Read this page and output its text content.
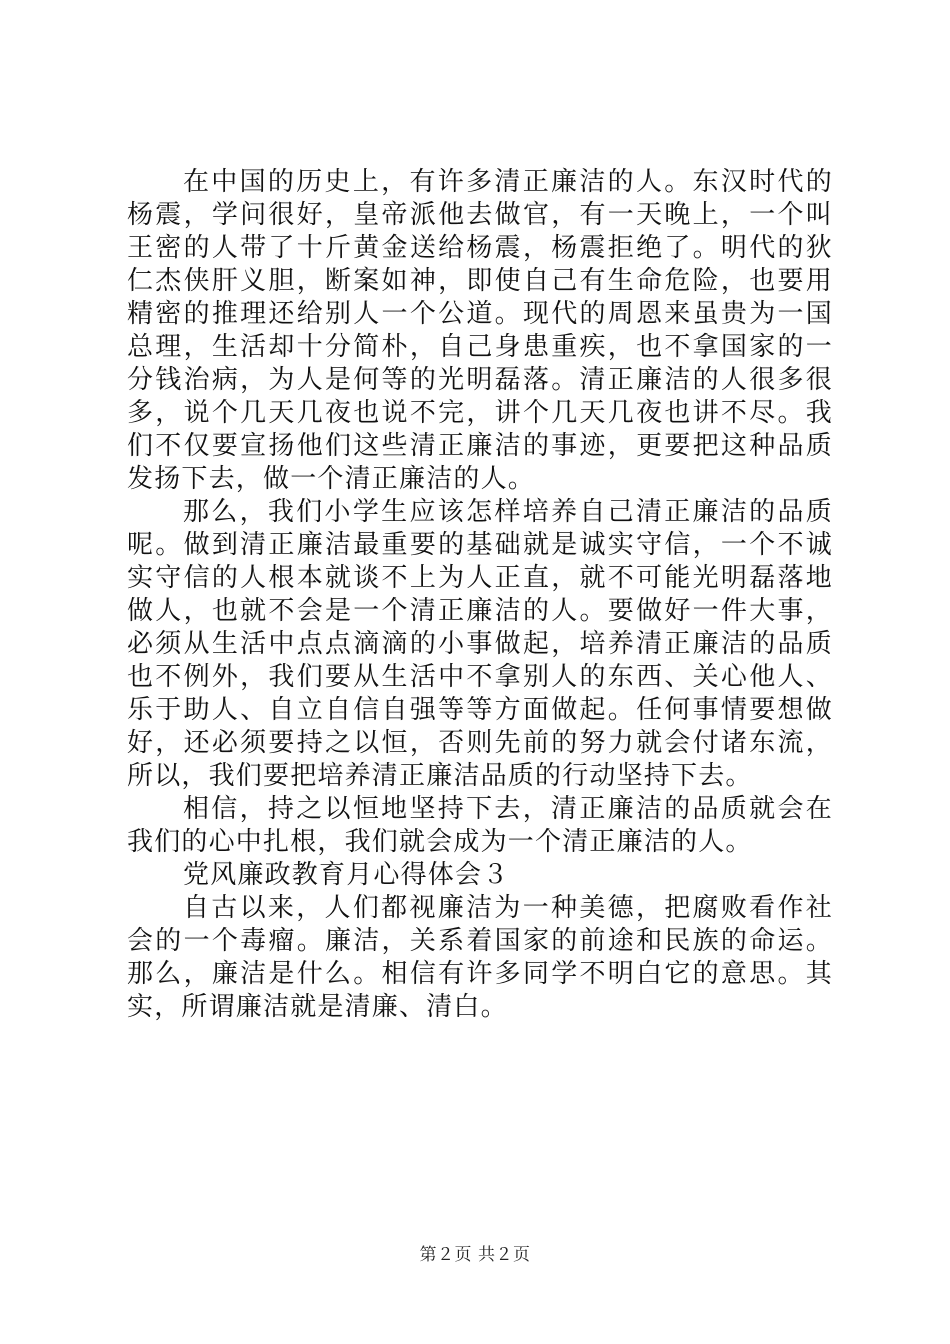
在中国的历史上，有许多清正廉洁的人。东汉时代的杨震，学问很好，皇帝派他去做官，有一天晚上，一个叫王密的人带了十斤黄金送给杨震，杨震拒绝了。明代的狄仁杰侠肝义胆，断案如神，即使自己有生命危险，也要用精密的推理还给别人一个公道。现代的周恩来虽贵为一国总理，生活却十分简朴，自己身患重疾，也不拿国家的一分钱治病，为人是何等的光明磊落。清正廉洁的人很多很多，说个几天几夜也说不完，讲个几天几夜也讲不尽。我们不仅要宣扬他们这些清正廉洁的事迹，更要把这种品质发扬下去，做一个清正廉洁的人。

那么，我们小学生应该怎样培养自己清正廉洁的品质呢。做到清正廉洁最重要的基础就是诚实守信，一个不诚实守信的人根本就谈不上为人正直，就不可能光明磊落地做人，也就不会是一个清正廉洁的人。要做好一件大事，必须从生活中点点滴滴的小事做起，培养清正廉洁的品质也不例外，我们要从生活中不拿别人的东西、关心他人、乐于助人、自立自信自强等等方面做起。任何事情要想做好，还必须要持之以恒，否则先前的努力就会付诸东流，所以，我们要把培养清正廉洁品质的行动坚持下去。

相信，持之以恒地坚持下去，清正廉洁的品质就会在我们的心中扎根，我们就会成为一个清正廉洁的人。

党风廉政教育月心得体会３

自古以来，人们都视廉洁为一种美德，把腐败看作社会的一个毒瘤。廉洁，关系着国家的前途和民族的命运。那么，廉洁是什么。相信有许多同学不明白它的意思。其实，所谓廉洁就是清廉、清白。

第２页 共２页
